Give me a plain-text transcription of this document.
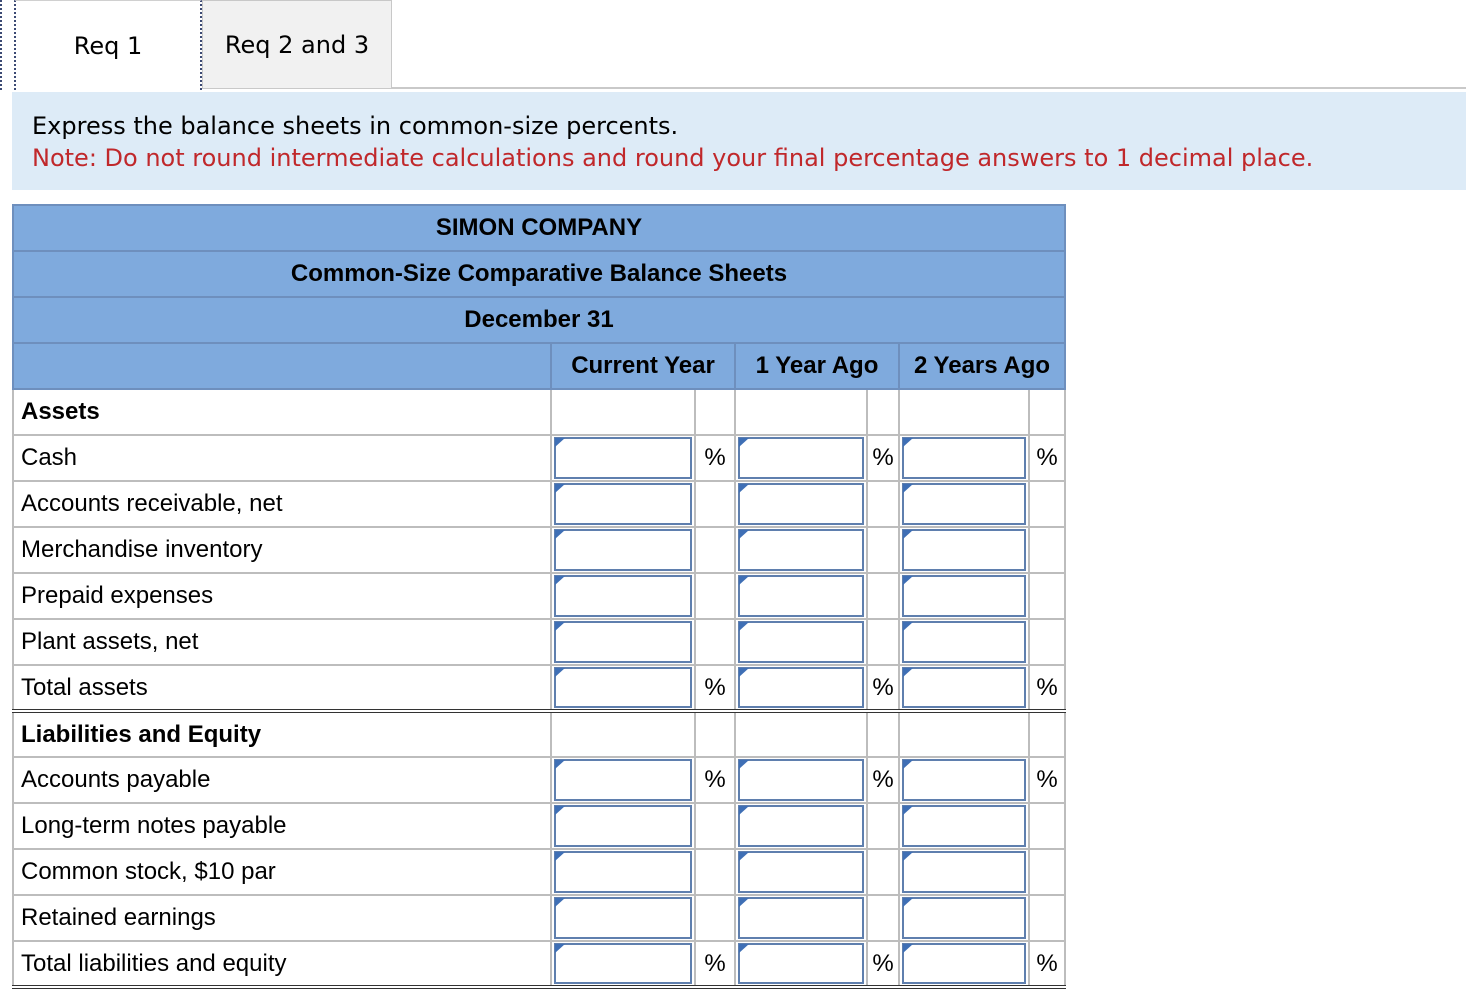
Req 1	Req 2 and 3
Express the balance sheets in common-size percents.
Note: Do not round intermediate calculations and round your final percentage answers to 1 decimal place.
SIMON COMPANY						
Common-Size Comparative Balance Sheets						
December 31						
	Current Year		1 Year Ago		2 Years Ago	
Assets						
Cash		%		%		%
Accounts receivable, net	

Merchandise inventory	

Prepaid expenses	

Plant assets, net	

Total assets		%		%		%
Liabilities and Equity						
Accounts payable		%		%		%
Long-term notes payable	

Common stock, $10 par	

Retained earnings	

Total liabilities and equity		%		%		%
